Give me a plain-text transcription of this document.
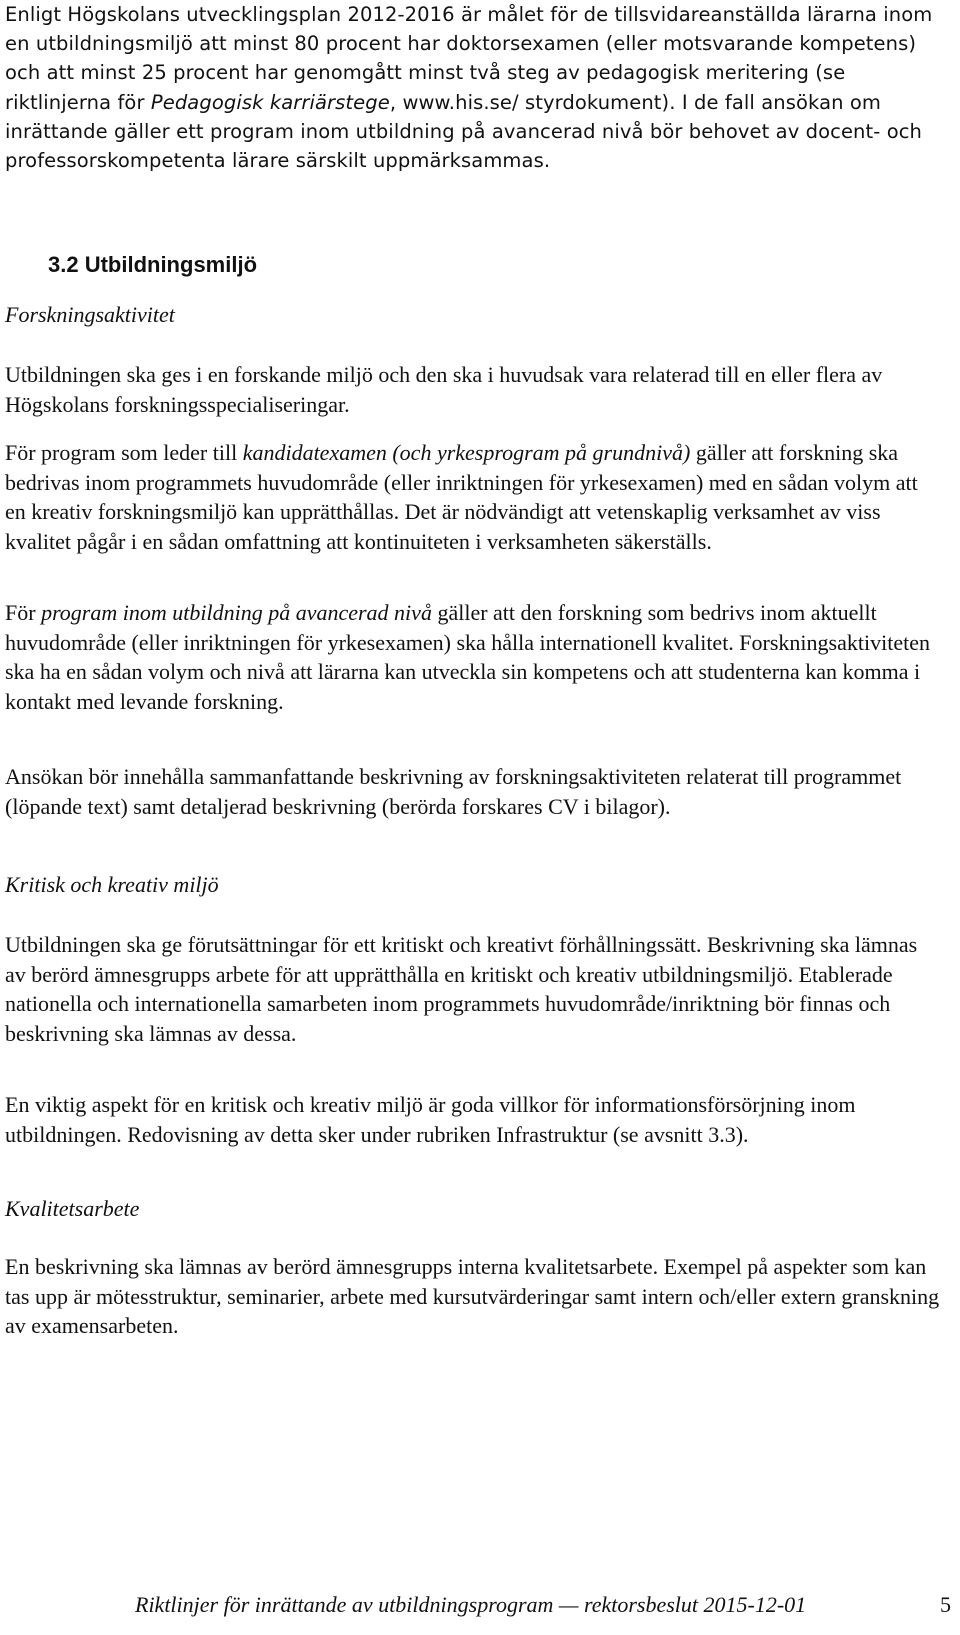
Enligt Högskolans utvecklingsplan 2012-2016 är målet för de tillsvidareanställda lärarna inom en utbildningsmiljö att minst 80 procent har doktorsexamen (eller motsvarande kompetens) och att minst 25 procent har genomgått minst två steg av pedagogisk meritering (se riktlinjerna för Pedagogisk karriärstege, www.his.se/ styrdokument). I de fall ansökan om inrättande gäller ett program inom utbildning på avancerad nivå bör behovet av docent- och professorskompetenta lärare särskilt uppmärksammas.

3.2 Utbildningsmiljö

Forskningsaktivitet

Utbildningen ska ges i en forskande miljö och den ska i huvudsak vara relaterad till en eller flera av Högskolans forskningsspecialiseringar.

För program som leder till kandidatexamen (och yrkesprogram på grundnivå) gäller att forskning ska bedrivas inom programmets huvudområde (eller inriktningen för yrkesexamen) med en sådan volym att en kreativ forskningsmiljö kan upprätthållas. Det är nödvändigt att vetenskaplig verksamhet av viss kvalitet pågår i en sådan omfattning att kontinuiteten i verksamheten säkerställs.

För program inom utbildning på avancerad nivå gäller att den forskning som bedrivs inom aktuellt huvudområde (eller inriktningen för yrkesexamen) ska hålla internationell kvalitet. Forskningsaktiviteten ska ha en sådan volym och nivå att lärarna kan utveckla sin kompetens och att studenterna kan komma i kontakt med levande forskning.

Ansökan bör innehålla sammanfattande beskrivning av forskningsaktiviteten relaterat till programmet (löpande text) samt detaljerad beskrivning (berörda forskares CV i bilagor).

Kritisk och kreativ miljö

Utbildningen ska ge förutsättningar för ett kritiskt och kreativt förhållningssätt. Beskrivning ska lämnas av berörd ämnesgrupps arbete för att upprätthålla en kritiskt och kreativ utbildningsmiljö. Etablerade nationella och internationella samarbeten inom programmets huvudområde/inriktning bör finnas och beskrivning ska lämnas av dessa.

En viktig aspekt för en kritisk och kreativ miljö är goda villkor för informationsförsörjning inom utbildningen. Redovisning av detta sker under rubriken Infrastruktur (se avsnitt 3.3).

Kvalitetsarbete

En beskrivning ska lämnas av berörd ämnesgrupps interna kvalitetsarbete. Exempel på aspekter som kan tas upp är mötesstruktur, seminarier, arbete med kursutvärderingar samt intern och/eller extern granskning av examensarbeten.

Riktlinjer för inrättande av utbildningsprogram — rektorsbeslut 2015-12-01	5
